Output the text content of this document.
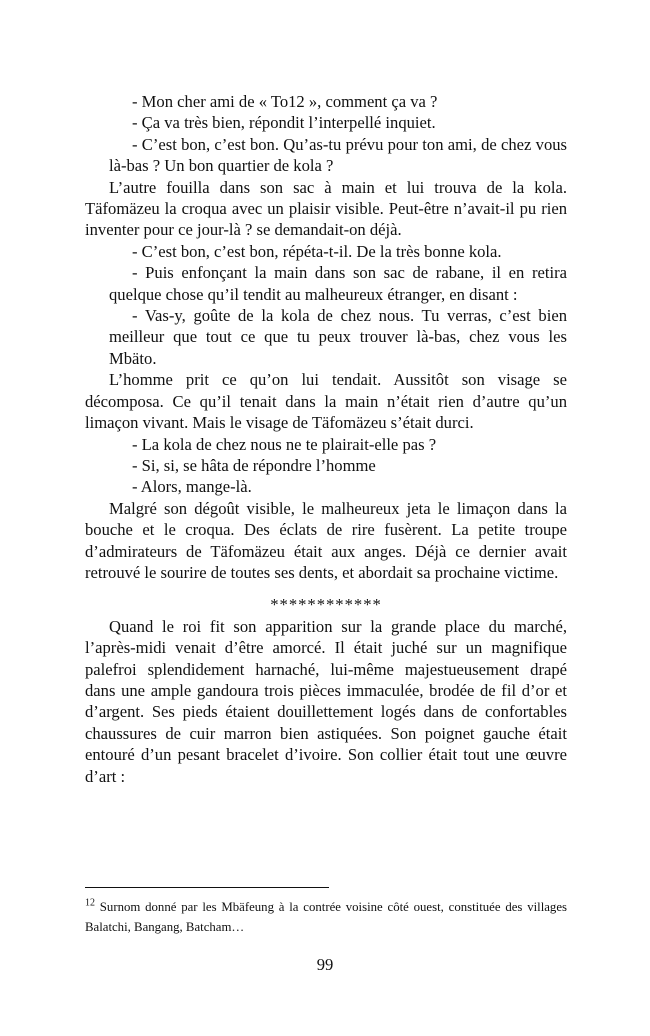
- Mon cher ami de « To12 », comment ça va ?

- Ça va très bien, répondit l’interpellé inquiet.

- C’est bon, c’est bon. Qu’as-tu prévu pour ton ami, de chez vous là-bas ? Un bon quartier de kola ?

L’autre fouilla dans son sac à main et lui trouva de la kola. Täfomäzeu la croqua avec un plaisir visible. Peut-être n’avait-il pu rien inventer pour ce jour-là ? se demandait-on déjà.

- C’est bon, c’est bon, répéta-t-il. De la très bonne kola.

- Puis enfonçant la main dans son sac de rabane, il en retira quelque chose qu’il tendit au malheureux étranger, en disant :

- Vas-y, goûte de la kola de chez nous. Tu verras, c’est bien meilleur que tout ce que tu peux trouver là-bas, chez vous les Mbäto.

L’homme prit ce qu’on lui tendait. Aussitôt son visage se décomposa. Ce qu’il tenait dans la main n’était rien d’autre qu’un limaçon vivant. Mais le visage de Täfomäzeu s’était durci.

- La kola de chez nous ne te plairait-elle pas ?

- Si, si, se hâta de répondre l’homme

- Alors, mange-là.

Malgré son dégoût visible, le malheureux jeta le limaçon dans la bouche et le croqua. Des éclats de rire fusèrent. La petite troupe d’admirateurs de Täfomäzeu était aux anges. Déjà ce dernier avait retrouvé le sourire de toutes ses dents, et abordait sa prochaine victime.

************

Quand le roi fit son apparition sur la grande place du marché, l’après-midi venait d’être amorcé. Il était juché sur un magnifique palefroi splendidement harnaché, lui-même majestueusement drapé dans une ample gandoura trois pièces immaculée, brodée de fil d’or et d’argent. Ses pieds étaient douillettement logés dans de confortables chaussures de cuir marron bien astiquées. Son poignet gauche était entouré d’un pesant bracelet d’ivoire. Son collier était tout une œuvre d’art :

$^{12}$ Surnom donné par les Mbäfeung à la contrée voisine côté ouest, constituée des villages Balatchi, Bangang, Batcham…
99
